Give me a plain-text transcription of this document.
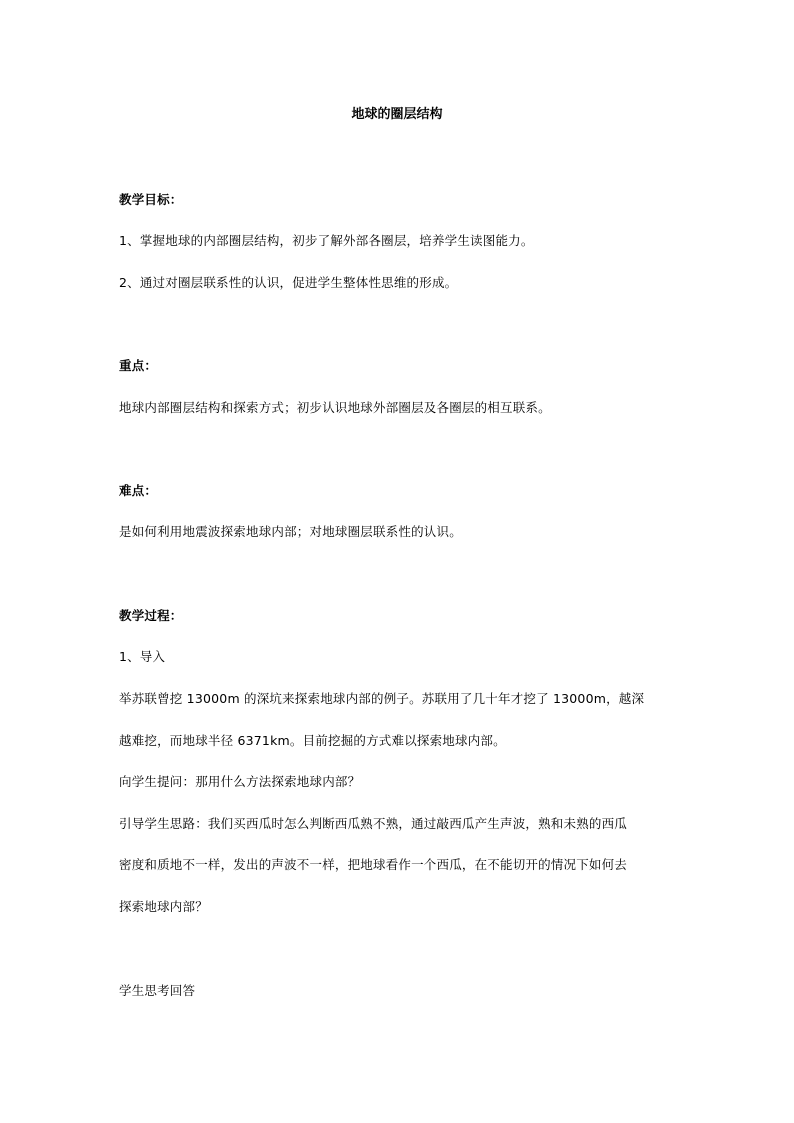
地球的圈层结构
教学目标：
1、掌握地球的内部圈层结构，初步了解外部各圈层，培养学生读图能力。
2、通过对圈层联系性的认识，促进学生整体性思维的形成。
重点：
地球内部圈层结构和探索方式；初步认识地球外部圈层及各圈层的相互联系。
难点：
是如何利用地震波探索地球内部；对地球圈层联系性的认识。
教学过程：
1、导入
举苏联曾挖 13000m 的深坑来探索地球内部的例子。苏联用了几十年才挖了 13000m，越深
越难挖，而地球半径 6371km。目前挖掘的方式难以探索地球内部。
向学生提问：那用什么方法探索地球内部？
引导学生思路：我们买西瓜时怎么判断西瓜熟不熟，通过敲西瓜产生声波，熟和未熟的西瓜
密度和质地不一样，发出的声波不一样，把地球看作一个西瓜，在不能切开的情况下如何去
探索地球内部？
学生思考回答
